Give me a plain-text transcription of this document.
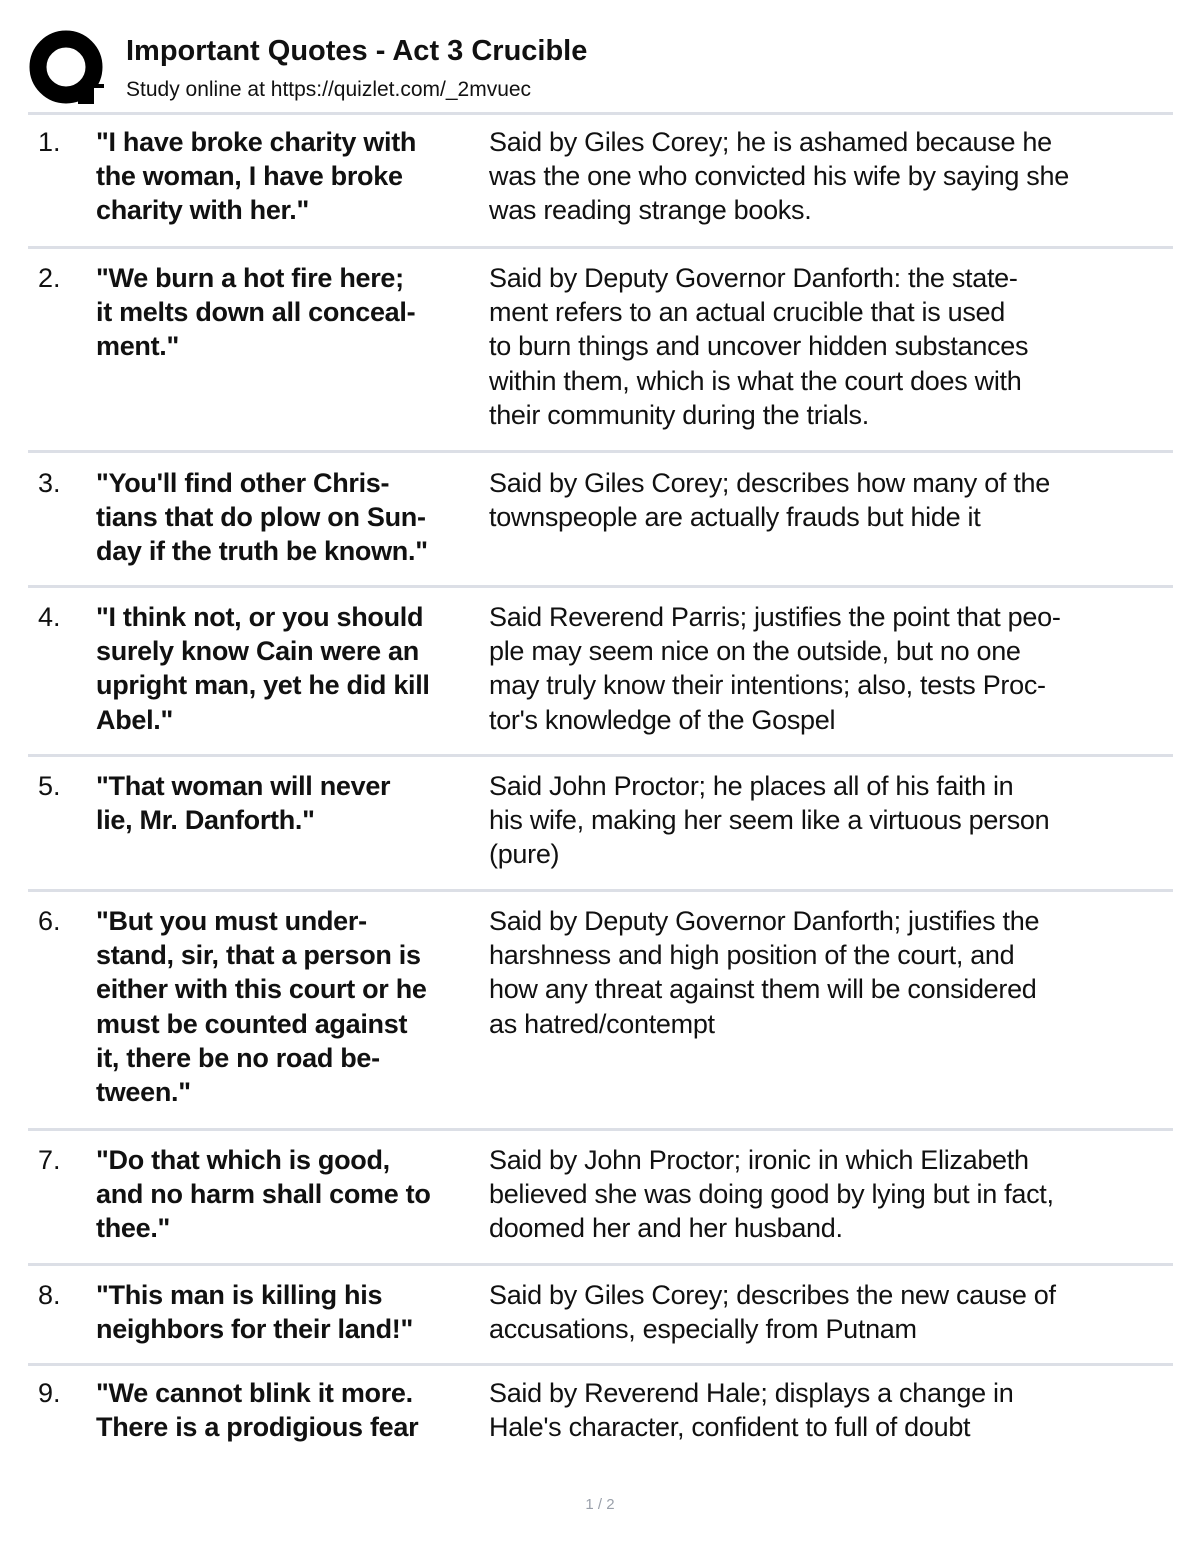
Important Quotes - Act 3 Crucible
Study online at https://quizlet.com/_2mvuec
1. "I have broke charity with
the woman, I have broke
charity with her."
Said by Giles Corey; he is ashamed because he
was the one who convicted his wife by saying she
was reading strange books.
2. "We burn a hot fire here;
it melts down all conceal-
ment."
Said by Deputy Governor Danforth: the state-
ment refers to an actual crucible that is used
to burn things and uncover hidden substances
within them, which is what the court does with
their community during the trials.
3. "You'll find other Chris-
tians that do plow on Sun-
day if the truth be known."
Said by Giles Corey; describes how many of the
townspeople are actually frauds but hide it
4. "I think not, or you should
surely know Cain were an
upright man, yet he did kill
Abel."
Said Reverend Parris; justifies the point that peo-
ple may seem nice on the outside, but no one
may truly know their intentions; also, tests Proc-
tor's knowledge of the Gospel
5. "That woman will never
lie, Mr. Danforth."
Said John Proctor; he places all of his faith in
his wife, making her seem like a virtuous person
(pure)
6. "But you must under-
stand, sir, that a person is
either with this court or he
must be counted against
it, there be no road be-
tween."
Said by Deputy Governor Danforth; justifies the
harshness and high position of the court, and
how any threat against them will be considered
as hatred/contempt
7. "Do that which is good,
and no harm shall come to
thee."
Said by John Proctor; ironic in which Elizabeth
believed she was doing good by lying but in fact,
doomed her and her husband.
8. "This man is killing his
neighbors for their land!"
Said by Giles Corey; describes the new cause of
accusations, especially from Putnam
9. "We cannot blink it more.
There is a prodigious fear
Said by Reverend Hale; displays a change in
Hale's character, confident to full of doubt
1 / 2
